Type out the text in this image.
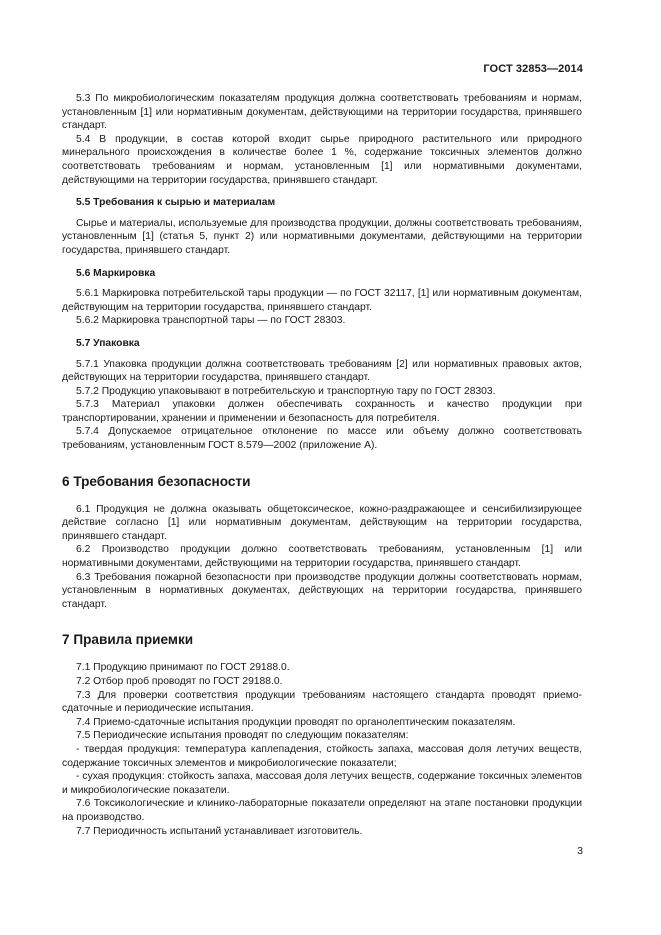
ГОСТ 32853—2014

5.3 По микробиологическим показателям продукция должна соответствовать требованиям и нормам, установленным [1] или нормативным документам, действующими на территории государства, принявшего стандарт.

5.4 В продукции, в состав которой входит сырье природного растительного или природного минерального происхождения в количестве более 1 %, содержание токсичных элементов должно соответствовать требованиям и нормам, установленным [1] или нормативными документами, действующими на территории государства, принявшего стандарт.

5.5 Требования к сырью и материалам

Сырье и материалы, используемые для производства продукции, должны соответствовать требованиям, установленным [1] (статья 5, пункт 2) или нормативными документами, действующими на территории государства, принявшего стандарт.

5.6 Маркировка

5.6.1 Маркировка потребительской тары продукции — по ГОСТ 32117, [1] или нормативным документам, действующим на территории государства, принявшего стандарт.

5.6.2 Маркировка транспортной тары — по ГОСТ 28303.

5.7 Упаковка

5.7.1 Упаковка продукции должна соответствовать требованиям [2] или нормативных правовых актов, действующих на территории государства, принявшего стандарт.

5.7.2 Продукцию упаковывают в потребительскую и транспортную тару по ГОСТ 28303.

5.7.3 Материал упаковки должен обеспечивать сохранность и качество продукции при транспортировании, хранении и применении и безопасность для потребителя.

5.7.4 Допускаемое отрицательное отклонение по массе или объему должно соответствовать требованиям, установленным ГОСТ 8.579—2002 (приложение А).

6 Требования безопасности

6.1 Продукция не должна оказывать общетоксическое, кожно-раздражающее и сенсибилизирующее действие согласно [1] или нормативным документам, действующим на территории государства, принявшего стандарт.

6.2 Производство продукции должно соответствовать требованиям, установленным [1] или нормативными документами, действующими на территории государства, принявшего стандарт.

6.3 Требования пожарной безопасности при производстве продукции должны соответствовать нормам, установленным в нормативных документах, действующих на территории государства, принявшего стандарт.

7 Правила приемки

7.1 Продукцию принимают по ГОСТ 29188.0.

7.2 Отбор проб проводят по ГОСТ 29188.0.

7.3 Для проверки соответствия продукции требованиям настоящего стандарта проводят приемо-сдаточные и периодические испытания.

7.4 Приемо-сдаточные испытания продукции проводят по органолептическим показателям.

7.5 Периодические испытания проводят по следующим показателям:

- твердая продукция: температура каплепадения, стойкость запаха, массовая доля летучих веществ, содержание токсичных элементов и микробиологические показатели;

- сухая продукция: стойкость запаха, массовая доля летучих веществ, содержание токсичных элементов и микробиологические показатели.

7.6 Токсикологические и клинико-лабораторные показатели определяют на этапе постановки продукции на производство.

7.7 Периодичность испытаний устанавливает изготовитель.

3
